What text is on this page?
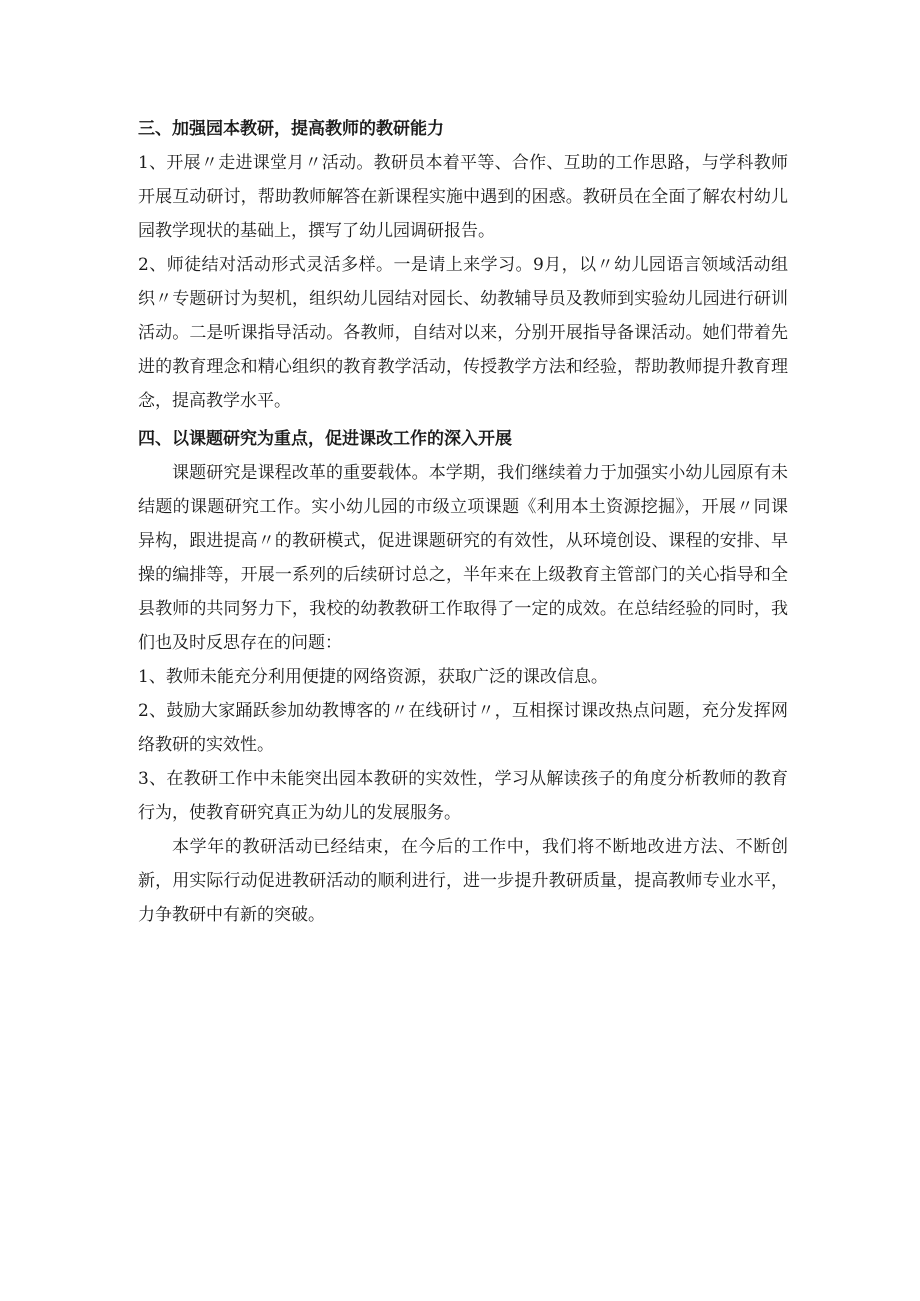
三、加强园本教研，提高教师的教研能力

1、开展〃走进课堂月〃活动。教研员本着平等、合作、互助的工作思路，与学科教师开展互动研讨，帮助教师解答在新课程实施中遇到的困惑。教研员在全面了解农村幼儿园教学现状的基础上，撰写了幼儿园调研报告。

2、师徒结对活动形式灵活多样。一是请上来学习。9月，以〃幼儿园语言领域活动组织〃专题研讨为契机，组织幼儿园结对园长、幼教辅导员及教师到实验幼儿园进行研训活动。二是听课指导活动。各教师，自结对以来，分别开展指导备课活动。她们带着先进的教育理念和精心组织的教育教学活动，传授教学方法和经验，帮助教师提升教育理念，提高教学水平。

四、以课题研究为重点，促进课改工作的深入开展

课题研究是课程改革的重要载体。本学期，我们继续着力于加强实小幼儿园原有未结题的课题研究工作。实小幼儿园的市级立项课题《利用本土资源挖掘》，开展〃同课异构，跟进提高〃的教研模式，促进课题研究的有效性，从环境创设、课程的安排、早操的编排等，开展一系列的后续研讨总之，半年来在上级教育主管部门的关心指导和全县教师的共同努力下，我校的幼教教研工作取得了一定的成效。在总结经验的同时，我们也及时反思存在的问题：

1、教师未能充分利用便捷的网络资源，获取广泛的课改信息。

2、鼓励大家踊跃参加幼教博客的〃在线研讨〃，互相探讨课改热点问题，充分发挥网络教研的实效性。

3、在教研工作中未能突出园本教研的实效性，学习从解读孩子的角度分析教师的教育行为，使教育研究真正为幼儿的发展服务。

本学年的教研活动已经结束，在今后的工作中，我们将不断地改进方法、不断创新，用实际行动促进教研活动的顺利进行，进一步提升教研质量，提高教师专业水平，力争教研中有新的突破。
